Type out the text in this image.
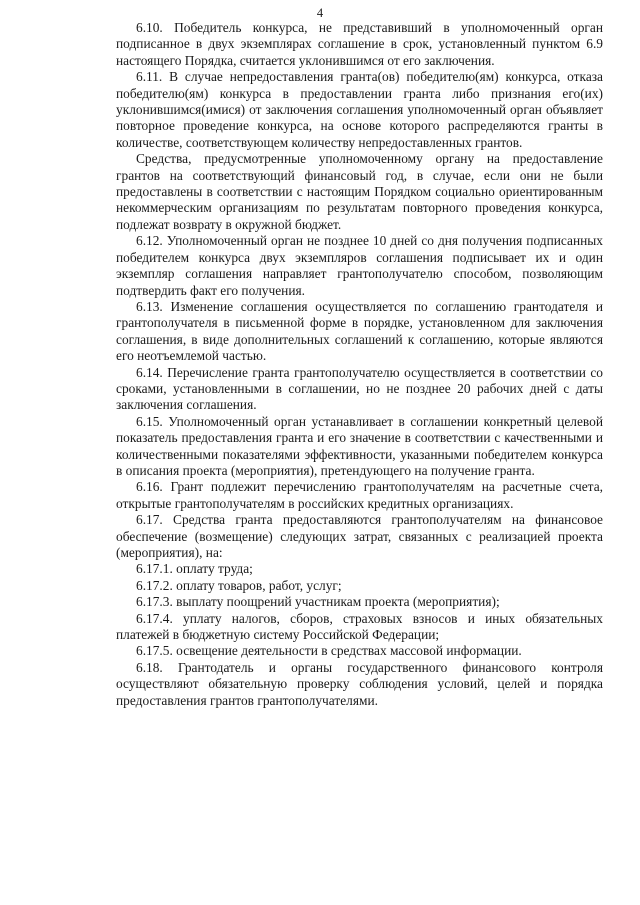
4

6.10. Победитель конкурса, не представивший в уполномоченный орган подписанное в двух экземплярах соглашение в срок, установленный пунктом 6.9 настоящего Порядка, считается уклонившимся от его заключения.

6.11. В случае непредоставления гранта(ов) победителю(ям) конкурса, отказа победителю(ям) конкурса в предоставлении гранта либо признания его(их) уклонившимся(имися) от заключения соглашения уполномоченный орган объявляет повторное проведение конкурса, на основе которого распределяются гранты в количестве, соответствующем количеству непредоставленных грантов.

Средства, предусмотренные уполномоченному органу на предоставление грантов на соответствующий финансовый год, в случае, если они не были предоставлены в соответствии с настоящим Порядком социально ориентированным некоммерческим организациям по результатам повторного проведения конкурса, подлежат возврату в окружной бюджет.

6.12. Уполномоченный орган не позднее 10 дней со дня получения подписанных победителем конкурса двух экземпляров соглашения подписывает их и один экземпляр соглашения направляет грантополучателю способом, позволяющим подтвердить факт его получения.

6.13. Изменение соглашения осуществляется по соглашению грантодателя и грантополучателя в письменной форме в порядке, установленном для заключения соглашения, в виде дополнительных соглашений к соглашению, которые являются его неотъемлемой частью.

6.14. Перечисление гранта грантополучателю осуществляется в соответствии со сроками, установленными в соглашении, но не позднее 20 рабочих дней с даты заключения соглашения.

6.15. Уполномоченный орган устанавливает в соглашении конкретный целевой показатель предоставления гранта и его значение в соответствии с качественными и количественными показателями эффективности, указанными победителем конкурса в описания проекта (мероприятия), претендующего на получение гранта.

6.16. Грант подлежит перечислению грантополучателям на расчетные счета, открытые грантополучателям в российских кредитных организациях.

6.17. Средства гранта предоставляются грантополучателям на финансовое обеспечение (возмещение) следующих затрат, связанных с реализацией проекта (мероприятия), на:

6.17.1. оплату труда;

6.17.2. оплату товаров, работ, услуг;

6.17.3. выплату поощрений участникам проекта (мероприятия);

6.17.4. уплату налогов, сборов, страховых взносов и иных обязательных платежей в бюджетную систему Российской Федерации;

6.17.5. освещение деятельности в средствах массовой информации.

6.18. Грантодатель и органы государственного финансового контроля осуществляют обязательную проверку соблюдения условий, целей и порядка предоставления грантов грантополучателями.
